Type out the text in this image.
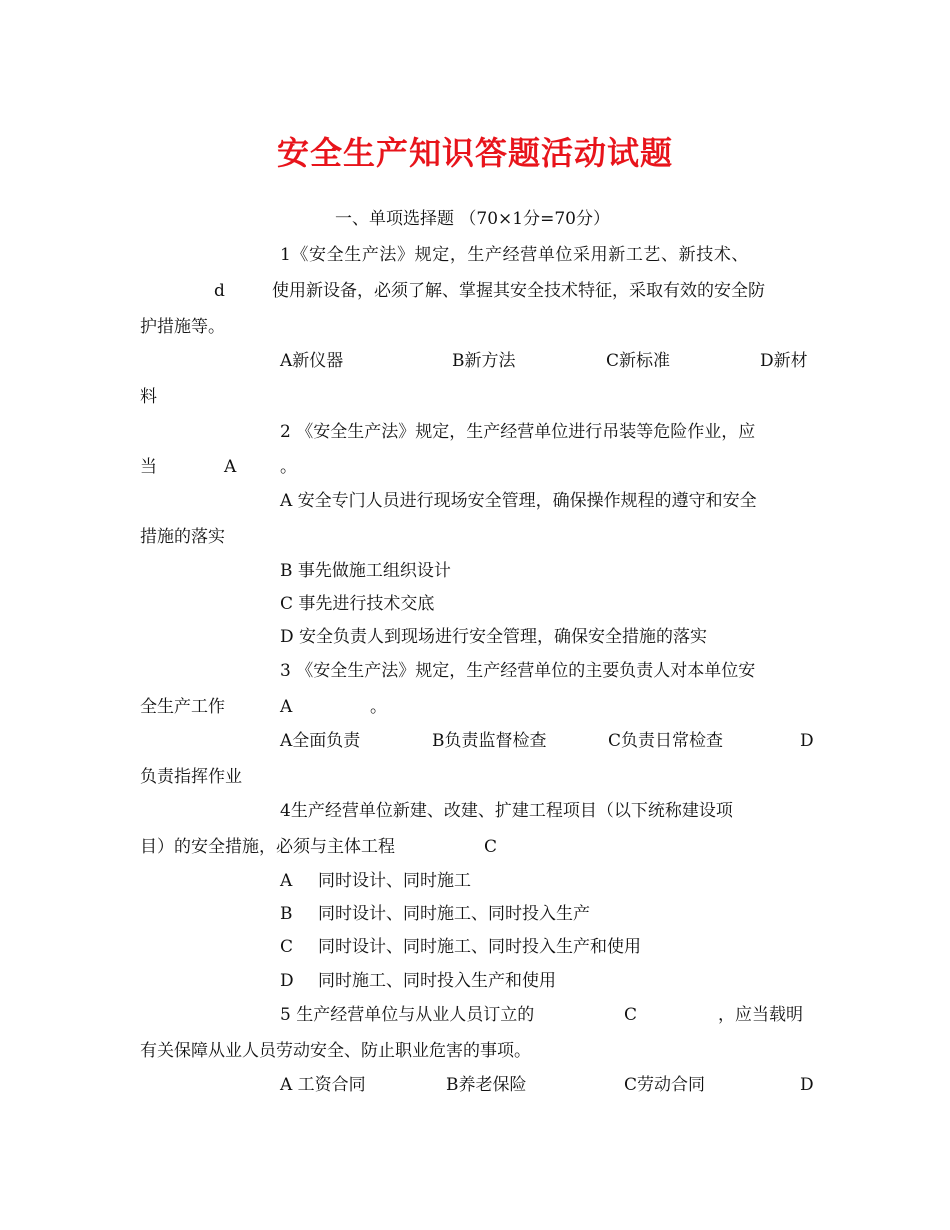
安全生产知识答题活动试题
一、单项选择题 （70×1分=70分）
1《安全生产法》规定，生产经营单位采用新工艺、新技术、
d	使用新设备，必须了解、掌握其安全技术特征，采取有效的安全防
护措施等。
A新仪器	B新方法	C新标准	D新材
料
2 《安全生产法》规定，生产经营单位进行吊装等危险作业，应
当	A	。
A 安全专门人员进行现场安全管理，确保操作规程的遵守和安全
措施的落实
B 事先做施工组织设计
C 事先进行技术交底
D 安全负责人到现场进行安全管理，确保安全措施的落实
3 《安全生产法》规定，生产经营单位的主要负责人对本单位安
全生产工作	A	。
A全面负责	B负责监督检查	C负责日常检查	D
负责指挥作业
4生产经营单位新建、改建、扩建工程项目（以下统称建设项
目）的安全措施，必须与主体工程	C
A 同时设计、同时施工
B 同时设计、同时施工、同时投入生产
C 同时设计、同时施工、同时投入生产和使用
D 同时施工、同时投入生产和使用
5 生产经营单位与从业人员订立的	C	，应当载明
有关保障从业人员劳动安全、防止职业危害的事项。
A 工资合同	B养老保险	C劳动合同	D
